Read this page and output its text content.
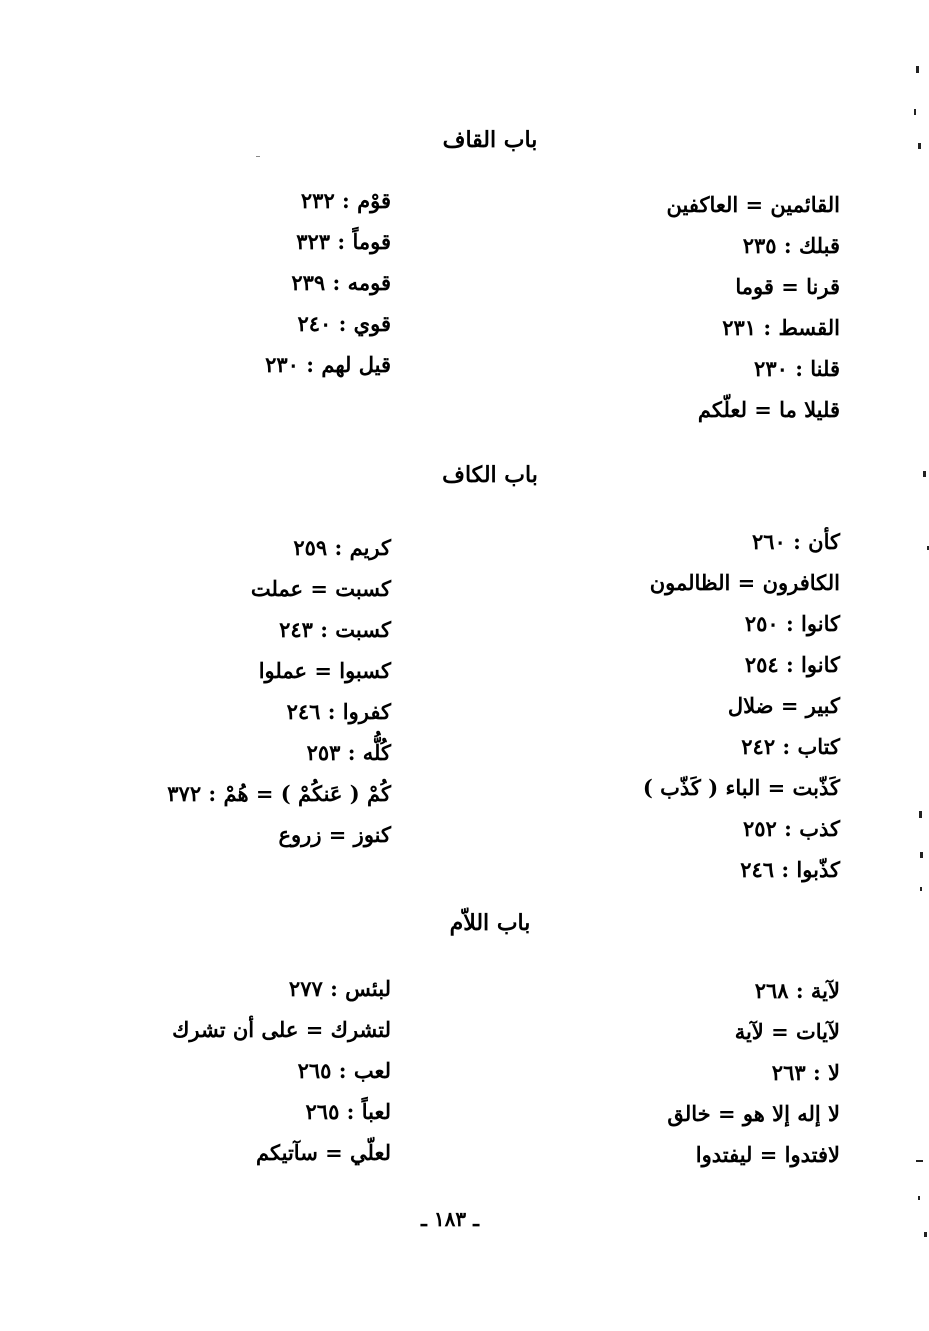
باب القاف
القائمين = العاكفين
قبلك : ٢٣٥
قرنا = قوما
القسط : ٢٣١
قلنا : ٢٣٠
قليلا ما = لعلّكم
قوْم : ٢٣٢
قوماً : ٣٢٣
قومه : ٢٣٩
قوي : ٢٤٠
قيل لهم : ٢٣٠
باب الكاف
كأن : ٢٦٠
الكافرون = الظالمون
كانوا : ٢٥٠
كانوا : ٢٥٤
كبير = ضلال
كتاب : ٢٤٢
كَذّبت = الباء ( كَذّب )
كذب : ٢٥٢
كذّبوا : ٢٤٦
كريم : ٢٥٩
كسبت = عملت
كسبت : ٢٤٣
كسبوا = عملوا
كفروا : ٢٤٦
كُلُّه : ٢٥٣
كُمْ ( عَنكُمْ ) = هُمْ : ٣٧٢
كنوز = زروع
باب اللاّم
لآية : ٢٦٨
لآيات = لآية
لا : ٢٦٣
لا إله إلا هو = خالق
لافتدوا = ليفتدوا
لبئس : ٢٧٧
لتشرك = على أن تشرك
لعب : ٢٦٥
لعباً : ٢٦٥
لعلّي = سآتيكم
ـ ١٨٣ ـ
